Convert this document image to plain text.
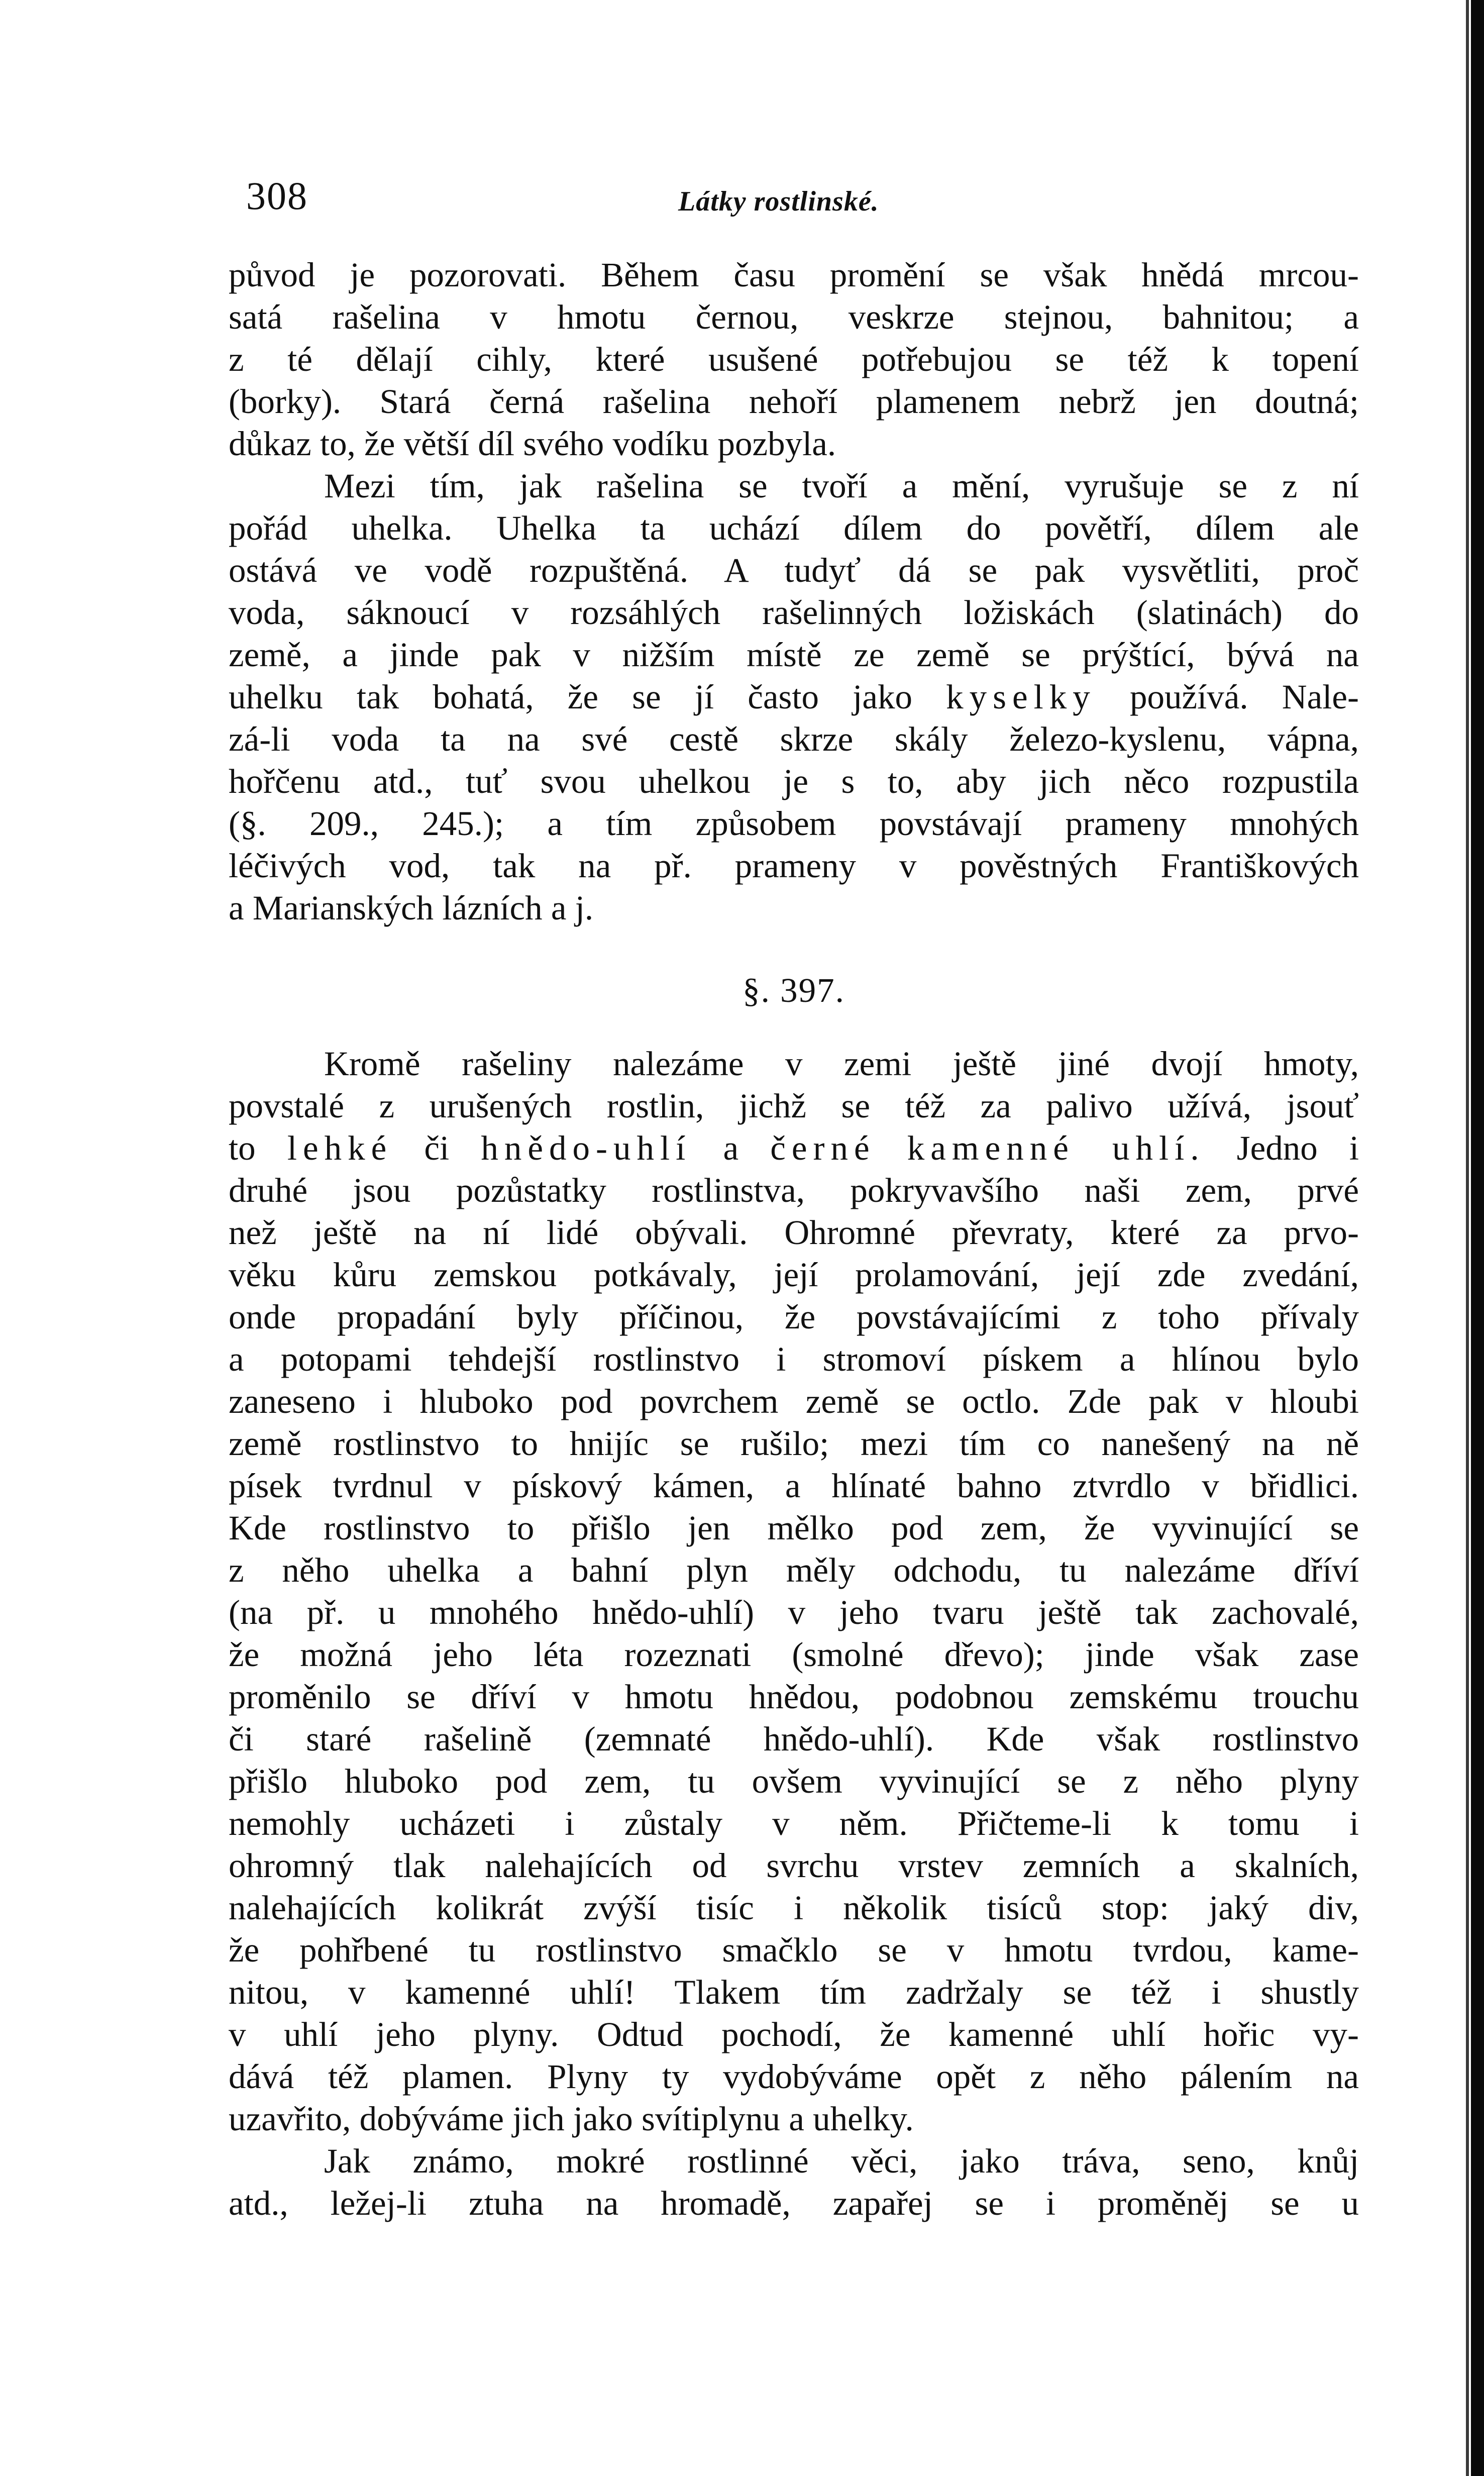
308	Látky rostlinské.
původ je pozorovati. Během času promění se však hnědá mrcou-
satá rašelina v hmotu černou, veskrze stejnou, bahnitou; a
z té dělají cihly, které usušené potřebujou se též k topení
(borky). Stará černá rašelina nehoří plamenem nebrž jen doutná;
důkaz to, že větší díl svého vodíku pozbyla.
Mezi tím, jak rašelina se tvoří a mění, vyrušuje se z ní
pořád uhelka. Uhelka ta uchází dílem do povětří, dílem ale
ostává ve vodě rozpuštěná. A tudyť dá se pak vysvětliti, proč
voda, sáknoucí v rozsáhlých rašelinných ložiskách (slatinách) do
země, a jinde pak v nižším místě ze země se prýštící, bývá na
uhelku tak bohatá, že se jí často jako kyselky používá. Nale-
zá-li voda ta na své cestě skrze skály železo-kyslenu, vápna,
hořčenu atd., tuť svou uhelkou je s to, aby jich něco rozpustila
(§. 209., 245.); a tím způsobem povstávají prameny mnohých
léčivých vod, tak na př. prameny v pověstných Františkových
a Marianských lázních a j.
§. 397.
Kromě rašeliny nalezáme v zemi ještě jiné dvojí hmoty,
povstalé z urušených rostlin, jichž se též za palivo užívá, jsouť
to lehké či hnědo-uhlí a černé kamenné uhlí. Jedno i
druhé jsou pozůstatky rostlinstva, pokryvavšího naši zem, prvé
než ještě na ní lidé obývali. Ohromné převraty, které za prvo-
věku kůru zemskou potkávaly, její prolamování, její zde zvedání,
onde propadání byly příčinou, že povstávajícími z toho přívaly
a potopami tehdejší rostlinstvo i stromoví pískem a hlínou bylo
zaneseno i hluboko pod povrchem země se octlo. Zde pak v hloubi
země rostlinstvo to hnijíc se rušilo; mezi tím co nanešený na ně
písek tvrdnul v pískový kámen, a hlínaté bahno ztvrdlo v břidlici.
Kde rostlinstvo to přišlo jen mělko pod zem, že vyvinující se
z něho uhelka a bahní plyn měly odchodu, tu nalezáme dříví
(na př. u mnohého hnědo-uhlí) v jeho tvaru ještě tak zachovalé,
že možná jeho léta rozeznati (smolné dřevo); jinde však zase
proměnilo se dříví v hmotu hnědou, podobnou zemskému trouchu
či staré rašelině (zemnaté hnědo-uhlí). Kde však rostlinstvo
přišlo hluboko pod zem, tu ovšem vyvinující se z něho plyny
nemohly ucházeti i zůstaly v něm. Přičteme-li k tomu i
ohromný tlak nalehajících od svrchu vrstev zemních a skalních,
nalehajících kolikrát zvýší tisíc i několik tisíců stop: jaký div,
že pohřbené tu rostlinstvo smačklo se v hmotu tvrdou, kame-
nitou, v kamenné uhlí! Tlakem tím zadržaly se též i shustly
v uhlí jeho plyny. Odtud pochodí, že kamenné uhlí hořic vy-
dává též plamen. Plyny ty vydobýváme opět z něho pálením na
uzavřito, dobýváme jich jako svítiplynu a uhelky.
Jak známo, mokré rostlinné věci, jako tráva, seno, knůj
atd., ležej-li ztuha na hromadě, zapařej se i proměněj se u
